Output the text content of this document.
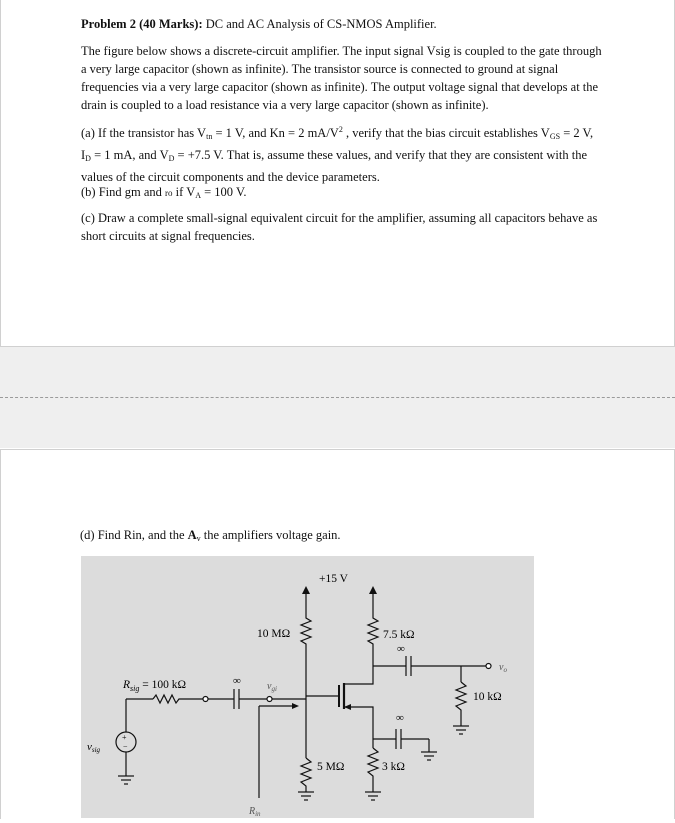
Problem 2 (40 Marks): DC and AC Analysis of CS-NMOS Amplifier.

The figure below shows a discrete-circuit amplifier. The input signal Vsig is coupled to the gate through a very large capacitor (shown as infinite). The transistor source is connected to ground at signal frequencies via a very large capacitor (shown as infinite). The output voltage signal that develops at the drain is coupled to a load resistance via a very large capacitor (shown as infinite).

(a) If the transistor has $V_{tn} = 1$ V, and Kn = 2 $mA/V^2$ , verify that the bias circuit establishes $V_{GS} = 2$ V, $I_D = 1$ mA, and $V_D = +7.5$ V. That is, assume these values, and verify that they are consistent with the values of the circuit components and the device parameters.

(b) Find gm and ro if $V_A = 100$ V.

(c) Draw a complete small-signal equivalent circuit for the amplifier, assuming all capacitors behave as short circuits at signal frequencies.

(d) Find Rin, and the $A_v$ the amplifiers voltage gain.
+15 V
10 MΩ	7.5 kΩ
∞
$R_{sig} = 100$ kΩ	∞	$v_{gi}$
$v_o$
10 kΩ
∞
vsig
+
−
5 MΩ	3 kΩ
$R_{in}$
